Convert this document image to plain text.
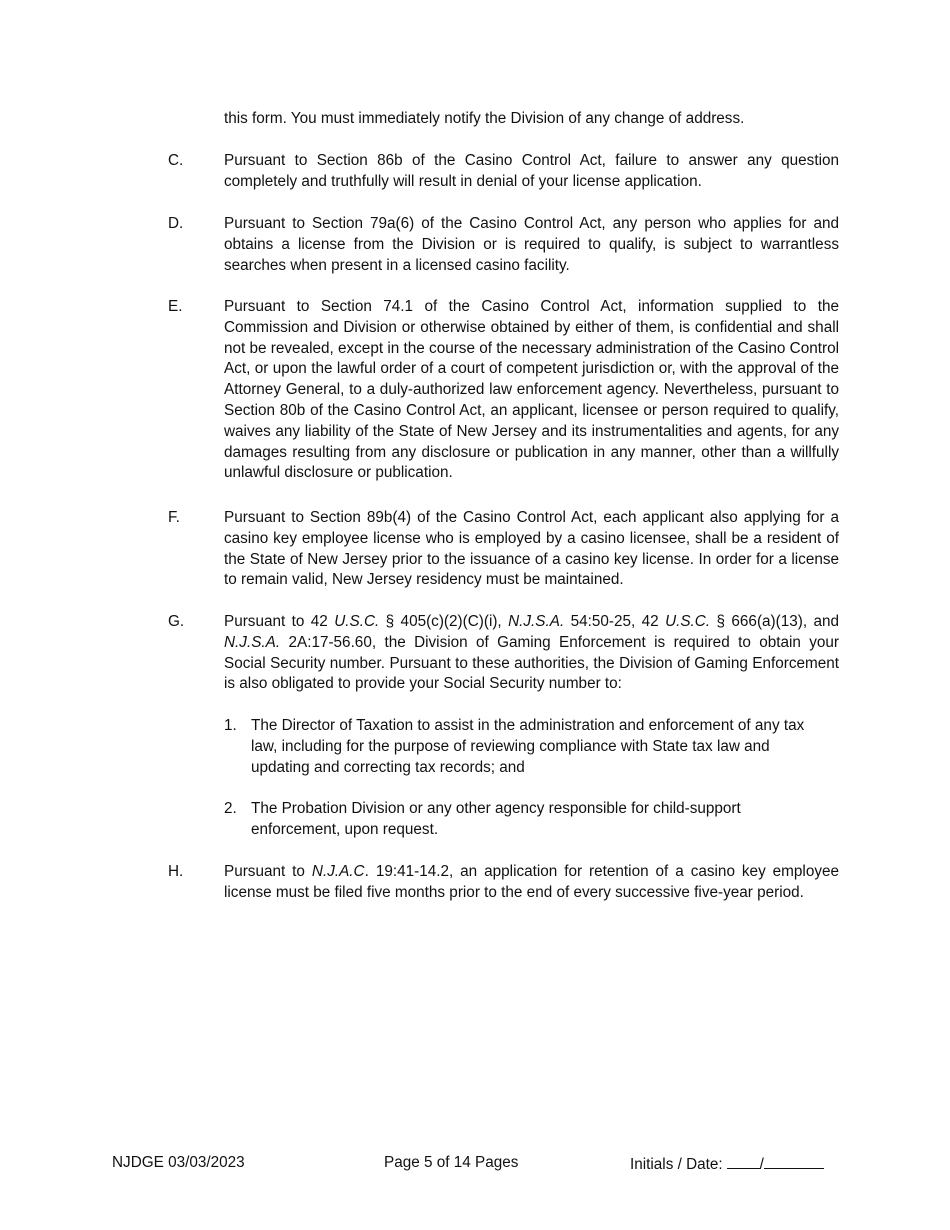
this form. You must immediately notify the Division of any change of address.
C.	Pursuant to Section 86b of the Casino Control Act, failure to answer any question completely and truthfully will result in denial of your license application.
D.	Pursuant to Section 79a(6) of the Casino Control Act, any person who applies for and obtains a license from the Division or is required to qualify, is subject to warrantless searches when present in a licensed casino facility.
E.	Pursuant to Section 74.1 of the Casino Control Act, information supplied to the Commission and Division or otherwise obtained by either of them, is confidential and shall not be revealed, except in the course of the necessary administration of the Casino Control Act, or upon the lawful order of a court of competent jurisdiction or, with the approval of the Attorney General, to a duly-authorized law enforcement agency. Nevertheless, pursuant to Section 80b of the Casino Control Act, an applicant, licensee or person required to qualify, waives any liability of the State of New Jersey and its instrumentalities and agents, for any damages resulting from any disclosure or publication in any manner, other than a willfully unlawful disclosure or publication.
F.	Pursuant to Section 89b(4) of the Casino Control Act, each applicant also applying for a casino key employee license who is employed by a casino licensee, shall be a resident of the State of New Jersey prior to the issuance of a casino key license. In order for a license to remain valid, New Jersey residency must be maintained.
G.	Pursuant to 42 U.S.C. § 405(c)(2)(C)(i), N.J.S.A. 54:50-25, 42 U.S.C. § 666(a)(13), and N.J.S.A. 2A:17-56.60, the Division of Gaming Enforcement is required to obtain your Social Security number. Pursuant to these authorities, the Division of Gaming Enforcement is also obligated to provide your Social Security number to:
1. The Director of Taxation to assist in the administration and enforcement of any tax law, including for the purpose of reviewing compliance with State tax law and updating and correcting tax records; and
2. The Probation Division or any other agency responsible for child-support enforcement, upon request.
H.	Pursuant to N.J.A.C. 19:41-14.2, an application for retention of a casino key employee license must be filed five months prior to the end of every successive five-year period.
NJDGE 03/03/2023	Page 5 of 14 Pages	Initials / Date: /
